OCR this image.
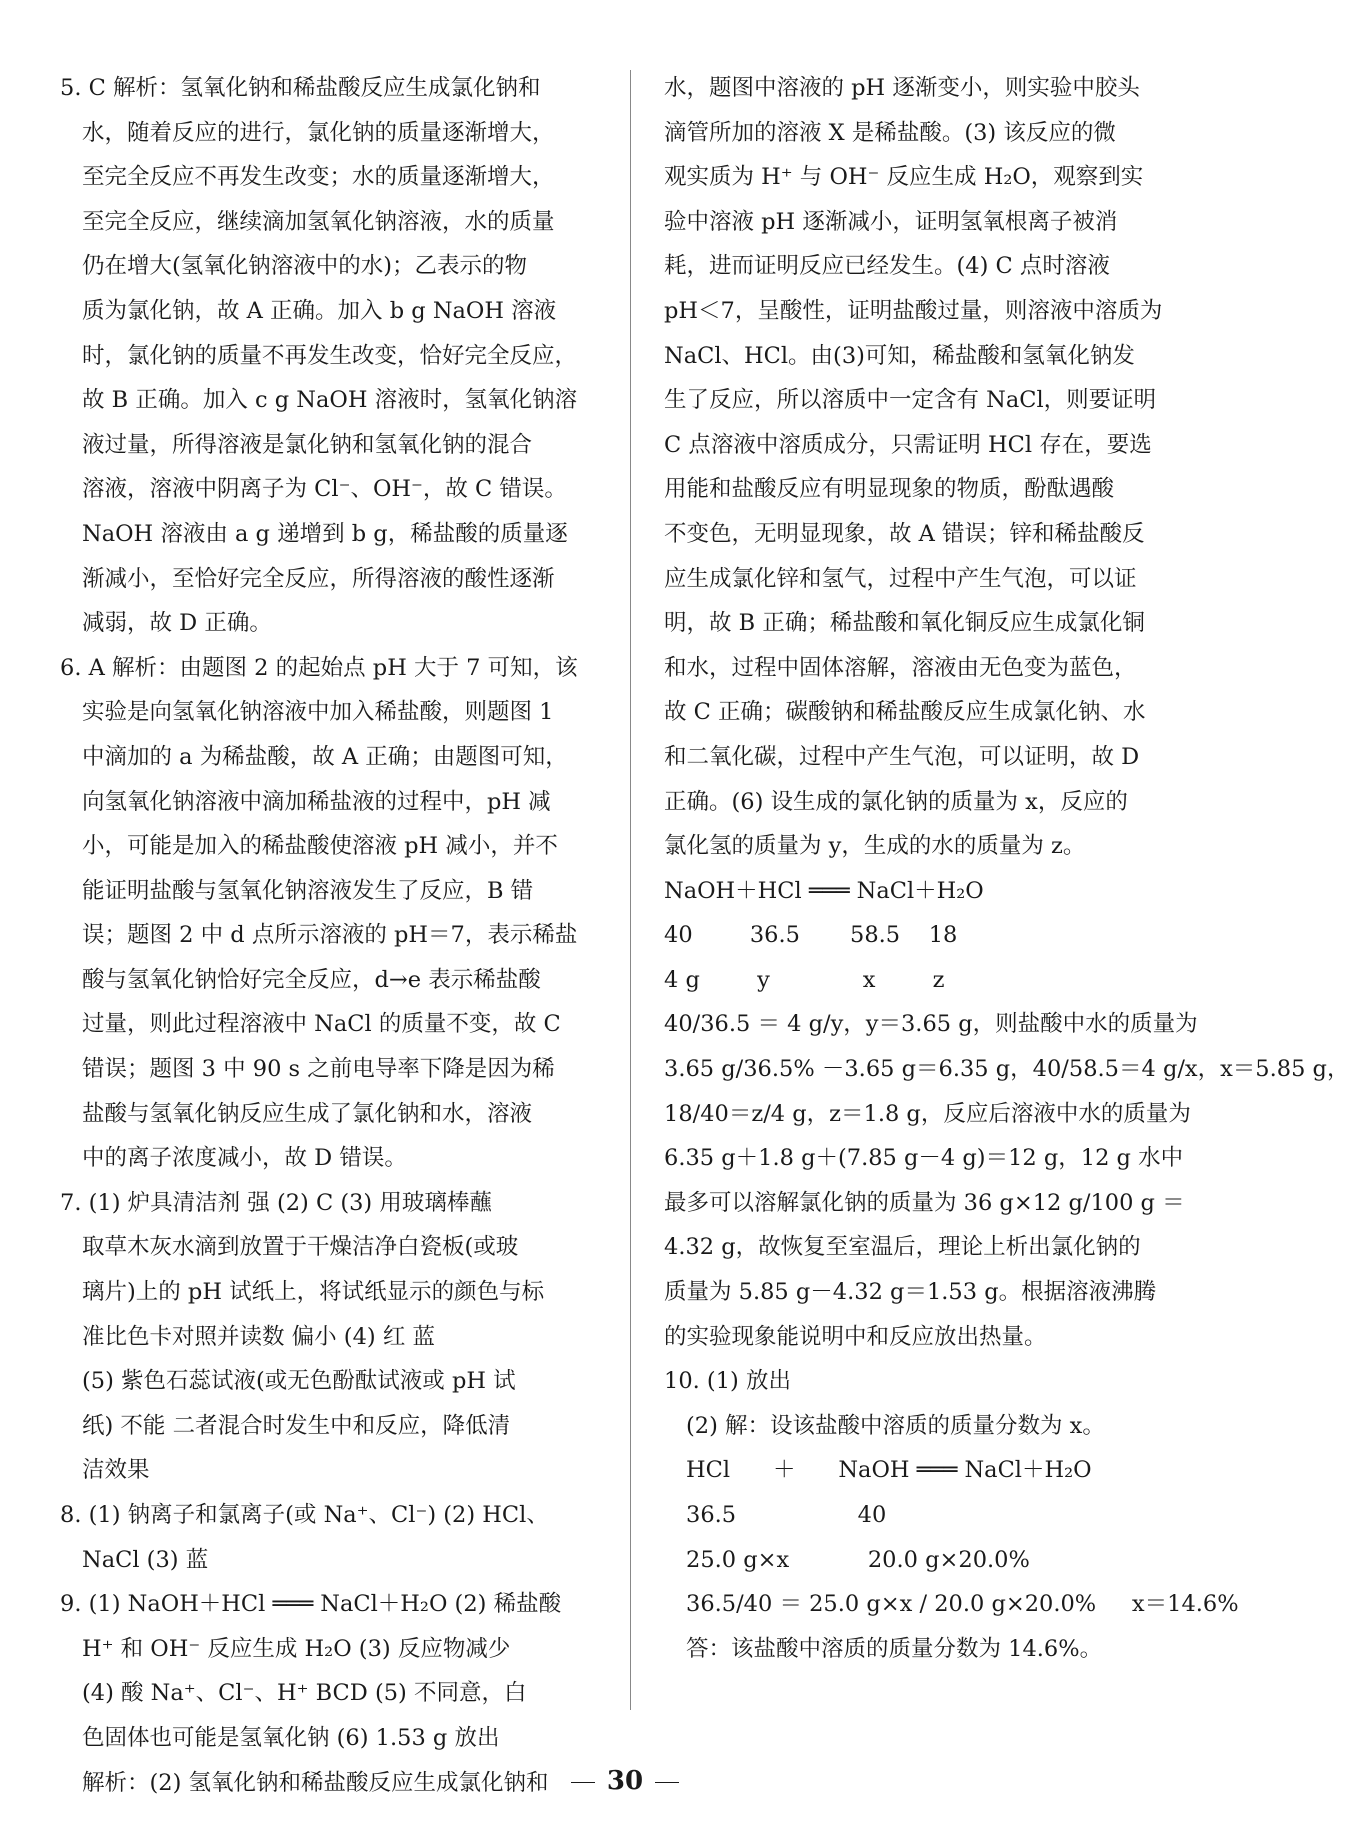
5. C 解析：氢氧化钠和稀盐酸反应生成氯化钠和
水，随着反应的进行，氯化钠的质量逐渐增大，
至完全反应不再发生改变；水的质量逐渐增大，
至完全反应，继续滴加氢氧化钠溶液，水的质量
仍在增大(氢氧化钠溶液中的水)；乙表示的物
质为氯化钠，故 A 正确。加入 b g NaOH 溶液
时，氯化钠的质量不再发生改变，恰好完全反应，
故 B 正确。加入 c g NaOH 溶液时，氢氧化钠溶
液过量，所得溶液是氯化钠和氢氧化钠的混合
溶液，溶液中阴离子为 Cl⁻、OH⁻，故 C 错误。
NaOH 溶液由 a g 递增到 b g，稀盐酸的质量逐
渐减小，至恰好完全反应，所得溶液的酸性逐渐
减弱，故 D 正确。
6. A 解析：由题图 2 的起始点 pH 大于 7 可知，该
实验是向氢氧化钠溶液中加入稀盐酸，则题图 1
中滴加的 a 为稀盐酸，故 A 正确；由题图可知，
向氢氧化钠溶液中滴加稀盐液的过程中，pH 减
小，可能是加入的稀盐酸使溶液 pH 减小，并不
能证明盐酸与氢氧化钠溶液发生了反应，B 错
误；题图 2 中 d 点所示溶液的 pH＝7，表示稀盐
酸与氢氧化钠恰好完全反应，d→e 表示稀盐酸
过量，则此过程溶液中 NaCl 的质量不变，故 C
错误；题图 3 中 90 s 之前电导率下降是因为稀
盐酸与氢氧化钠反应生成了氯化钠和水，溶液
中的离子浓度减小，故 D 错误。
7. (1) 炉具清洁剂 强 (2) C (3) 用玻璃棒蘸
取草木灰水滴到放置于干燥洁净白瓷板(或玻
璃片)上的 pH 试纸上，将试纸显示的颜色与标
准比色卡对照并读数 偏小 (4) 红 蓝
(5) 紫色石蕊试液(或无色酚酞试液或 pH 试
纸) 不能 二者混合时发生中和反应，降低清
洁效果
8. (1) 钠离子和氯离子(或 Na⁺、Cl⁻) (2) HCl、
NaCl (3) 蓝
9. (1) NaOH＋HCl ═══ NaCl＋H₂O (2) 稀盐酸
H⁺ 和 OH⁻ 反应生成 H₂O (3) 反应物减少
(4) 酸 Na⁺、Cl⁻、H⁺ BCD (5) 不同意，白
色固体也可能是氢氧化钠 (6) 1.53 g 放出
解析：(2) 氢氧化钠和稀盐酸反应生成氯化钠和
水，题图中溶液的 pH 逐渐变小，则实验中胶头
滴管所加的溶液 X 是稀盐酸。(3) 该反应的微
观实质为 H⁺ 与 OH⁻ 反应生成 H₂O，观察到实
验中溶液 pH 逐渐减小，证明氢氧根离子被消
耗，进而证明反应已经发生。(4) C 点时溶液
pH＜7，呈酸性，证明盐酸过量，则溶液中溶质为
NaCl、HCl。由(3)可知，稀盐酸和氢氧化钠发
生了反应，所以溶质中一定含有 NaCl，则要证明
C 点溶液中溶质成分，只需证明 HCl 存在，要选
用能和盐酸反应有明显现象的物质，酚酞遇酸
不变色，无明显现象，故 A 错误；锌和稀盐酸反
应生成氯化锌和氢气，过程中产生气泡，可以证
明，故 B 正确；稀盐酸和氧化铜反应生成氯化铜
和水，过程中固体溶解，溶液由无色变为蓝色，
故 C 正确；碳酸钠和稀盐酸反应生成氯化钠、水
和二氧化碳，过程中产生气泡，可以证明，故 D
正确。(6) 设生成的氯化钠的质量为 x，反应的
氯化氢的质量为 y，生成的水的质量为 z。
NaOH＋HCl ═══ NaCl＋H₂O
40        36.5       58.5    18
4 g        y             x        z
40/36.5 ＝ 4 g/y，y＝3.65 g，则盐酸中水的质量为
3.65 g/36.5% －3.65 g＝6.35 g，40/58.5＝4 g/x，x＝5.85 g，
18/40＝z/4 g，z＝1.8 g，反应后溶液中水的质量为
6.35 g＋1.8 g＋(7.85 g－4 g)＝12 g，12 g 水中
最多可以溶解氯化钠的质量为 36 g×12 g/100 g ＝
4.32 g，故恢复至室温后，理论上析出氯化钠的
质量为 5.85 g－4.32 g＝1.53 g。根据溶液沸腾
的实验现象能说明中和反应放出热量。
10. (1) 放出
(2) 解：设该盐酸中溶质的质量分数为 x。
HCl      ＋      NaOH ═══ NaCl＋H₂O
36.5                 40
25.0 g×x           20.0 g×20.0%
36.5/40 ＝ 25.0 g×x / 20.0 g×20.0%     x＝14.6%
答：该盐酸中溶质的质量分数为 14.6%。
30
